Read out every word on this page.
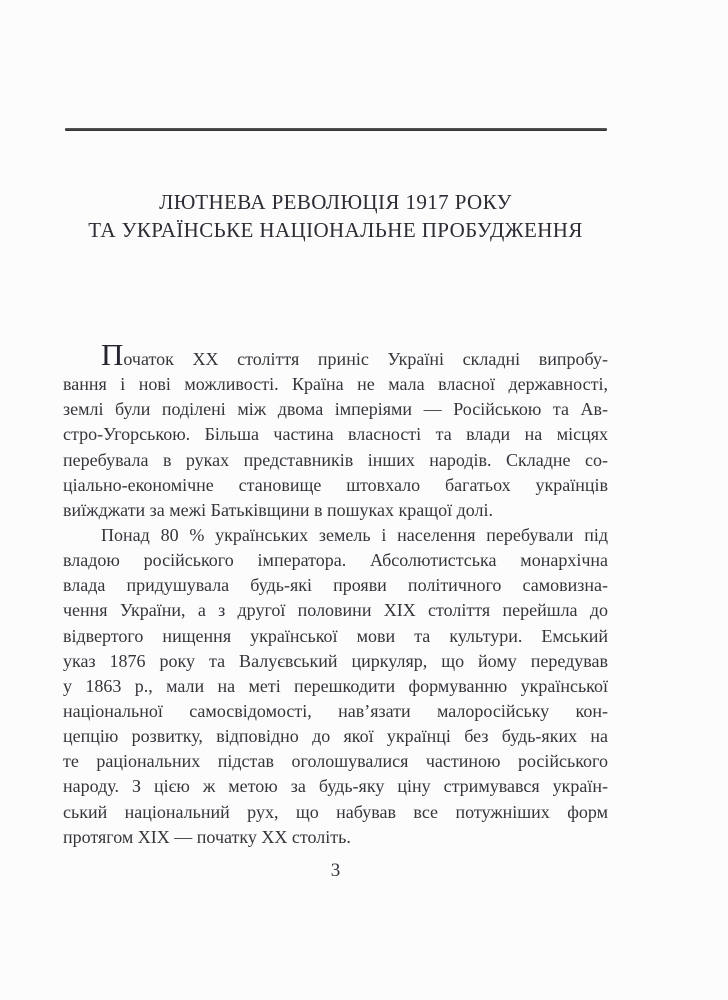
ЛЮТНЕВА РЕВОЛЮЦІЯ 1917 РОКУ
ТА УКРАЇНСЬКЕ НАЦІОНАЛЬНЕ ПРОБУДЖЕННЯ
Початок ХХ століття приніс Україні складні випробу-
вання і нові можливості. Країна не мала власної державності,
землі були поділені між двома імперіями — Російською та Ав-
стро-Угорською. Більша частина власності та влади на місцях
перебувала в руках представників інших народів. Складне со-
ціально-економічне становище штовхало багатьох українців
виїжджати за межі Батьківщини в пошуках кращої долі.
Понад 80 % українських земель і населення перебували під
владою російського імператора. Абсолютистська монархічна
влада придушувала будь-які прояви політичного самовизна-
чення України, а з другої половини XIX століття перейшла до
відвертого нищення української мови та культури. Емський
указ 1876 року та Валуєвський циркуляр, що йому передував
у 1863 р., мали на меті перешкодити формуванню української
національної самосвідомості, нав’язати малоросійську кон-
цепцію розвитку, відповідно до якої українці без будь-яких на
те раціональних підстав оголошувалися частиною російського
народу. З цією ж метою за будь-яку ціну стримувався україн-
ський національний рух, що набував все потужніших форм
протягом XIX — початку XX століть.
3
